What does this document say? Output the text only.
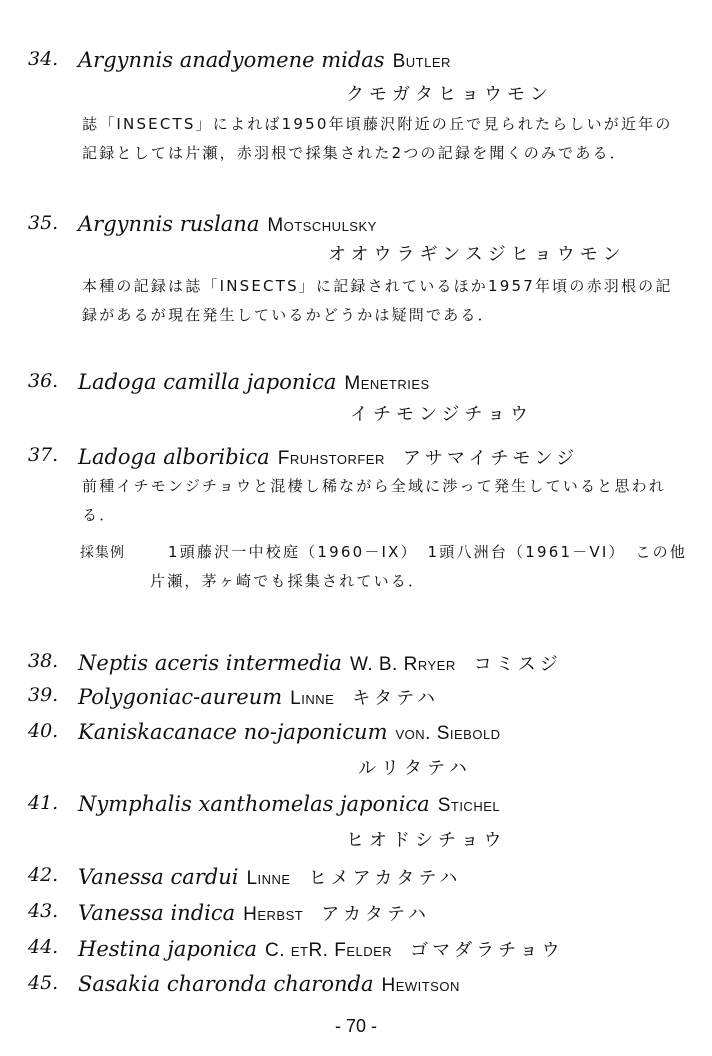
34. Argynnis anadyomene midas Butler
クモガタヒョウモン
誌「INSECTS」によれば1950年頃藤沢附近の丘で見られたらしいが近年の記録としては片瀬，赤羽根で採集された2つの記録を聞くのみである．
35. Argynnis ruslana Motschulsky
オオウラギンスジヒョウモン
本種の記録は誌「INSECTS」に記録されているほか1957年頃の赤羽根の記録があるが現在発生しているかどうかは疑問である．
36. Ladoga camilla japonica Menetries
イチモンジチョウ
37. Ladoga alboribica Fruhstorfer アサマイチモンジ
前種イチモンジチョウと混棲し稀ながら全域に渉って発生していると思われる．
採集例	1頭藤沢一中校庭（1960－IX）　1頭八洲台（1961－VI）　この他片瀬，茅ヶ崎でも採集されている．
38. Neptis aceris intermedia W. B. Rryer コミスジ
39. Polygoniac-aureum Linne キタテハ
40. Kaniskacanace no-japonicum von. Siebold
ルリタテハ
41. Nymphalis xanthomelas japonica Stichel
ヒオドシチョウ
42. Vanessa cardui Linne ヒメアカタテハ
43. Vanessa indica Herbst アカタテハ
44. Hestina japonica C. etR. Felder ゴマダラチョウ
45. Sasakia charonda charonda Hewitson
- 70 -
